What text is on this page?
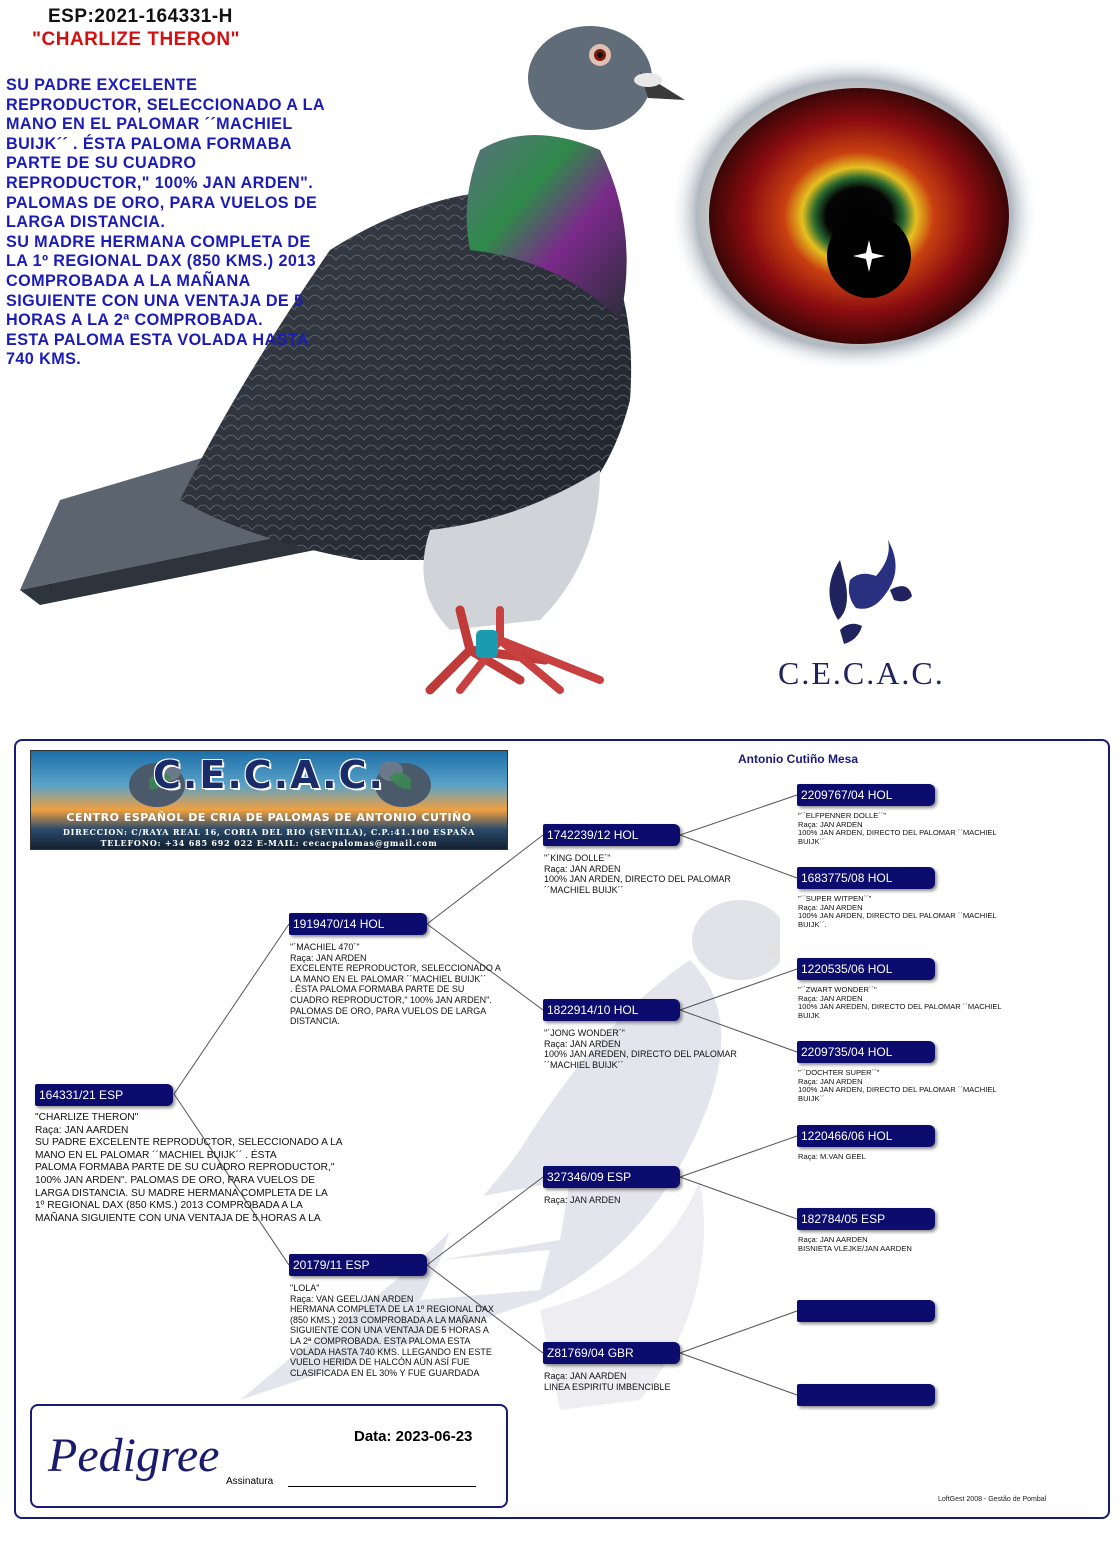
ESP:2021-164331-H
"CHARLIZE THERON"

SU PADRE EXCELENTE

REPRODUCTOR, SELECCIONADO A LA

MANO EN EL PALOMAR ´´MACHIEL

BUIJK´´ . ÉSTA PALOMA FORMABA

PARTE DE SU CUADRO

REPRODUCTOR," 100% JAN ARDEN".

PALOMAS DE ORO, PARA VUELOS DE

LARGA DISTANCIA.

SU MADRE HERMANA COMPLETA DE

LA 1º REGIONAL DAX (850 KMS.) 2013

COMPROBADA A LA MAÑANA

SIGUIENTE CON UNA VENTAJA DE 5

HORAS A LA 2ª COMPROBADA.

ESTA PALOMA ESTA VOLADA HASTA

740 KMS.

C.E.C.A.C.
Antonio Cutiño Mesa
C.E.C.A.C.
CENTRO ESPAÑOL DE CRIA DE PALOMAS DE ANTONIO CUTIÑO
DIRECCION: C/RAYA REAL 16, CORIA DEL RIO (SEVILLA), C.P.:41.100 ESPAÑA
TELEFONO: +34 685 692 022 E-MAIL: cecacpalomas@gmail.com
164331/21 ESP
"CHARLIZE THERON"
Raça: JAN AARDEN
SU PADRE EXCELENTE REPRODUCTOR, SELECCIONADO A LA
MANO EN EL PALOMAR ´´MACHIEL BUIJK´´ . ÉSTA
PALOMA FORMABA PARTE DE SU CUADRO REPRODUCTOR,"
100% JAN ARDEN". PALOMAS DE ORO, PARA VUELOS DE
LARGA DISTANCIA. SU MADRE HERMANA COMPLETA DE LA
1º REGIONAL DAX (850 KMS.) 2013 COMPROBADA A LA
MAÑANA SIGUIENTE CON UNA VENTAJA DE 5 HORAS A LA
1919470/14 HOL
"´MACHIEL 470´"
Raça: JAN ARDEN
EXCELENTE REPRODUCTOR, SELECCIONADO A
LA MANO EN EL PALOMAR ´´MACHIEL BUIJK´´
. ÉSTA PALOMA FORMABA PARTE DE SU
CUADRO REPRODUCTOR," 100% JAN ARDEN".
PALOMAS DE ORO, PARA VUELOS DE LARGA
DISTANCIA.
20179/11 ESP
"LOLA"
Raça: VAN GEEL/JAN ARDEN
HERMANA COMPLETA DE LA 1º REGIONAL DAX
(850 KMS.) 2013 COMPROBADA A LA MAÑANA
SIGUIENTE CON UNA VENTAJA DE 5 HORAS A
LA 2ª COMPROBADA. ESTA PALOMA ESTA
VOLADA HASTA 740 KMS. LLEGANDO EN ESTE
VUELO HERIDA DE HALCÓN AÚN ASÍ FUE
CLASIFICADA EN EL 30% Y FUE GUARDADA
1742239/12 HOL
"´KING DOLLE´"
Raça: JAN ARDEN
100% JAN ARDEN, DIRECTO DEL PALOMAR
´´MACHIEL BUIJK´´
1822914/10 HOL
"´JONG WONDER´"
Raça: JAN ARDEN
100% JAN AREDEN, DIRECTO DEL PALOMAR
´´MACHIEL BUIJK´´
327346/09 ESP
Raça: JAN ARDEN
Z81769/04 GBR
Raça: JAN AARDEN
LINEA ESPIRITU IMBENCIBLE
2209767/04 HOL
"´´ELFPENNER DOLLE´´"
Raça: JAN ARDEN
100% JAN ARDEN, DIRECTO DEL PALOMAR ´´MACHIEL
BUIJK´´
1683775/08 HOL
"´´SUPER WITPEN´´"
Raça: JAN ARDEN
100% JAN ARDEN, DIRECTO DEL PALOMAR ´´MACHIEL
BUIJK´´.
1220535/06 HOL
"´´ZWART WONDER´´"
Raça: JAN ARDEN
100% JAN AREDEN, DIRECTO DEL PALOMAR ´´MACHIEL
BUIJK
2209735/04 HOL
"´´DOCHTER SUPER´´"
Raça: JAN ARDEN
100% JAN ARDEN, DIRECTO DEL PALOMAR ´´MACHIEL
BUIJK´´
1220466/06 HOL
Raça: M.VAN GEEL
182784/05 ESP
Raça: JAN AARDEN
BISNIETA VLEJKE/JAN AARDEN
Pedigree	Data: 2023-06-23
Assinatura
LoftGest 2008 - Gestão de Pombal
